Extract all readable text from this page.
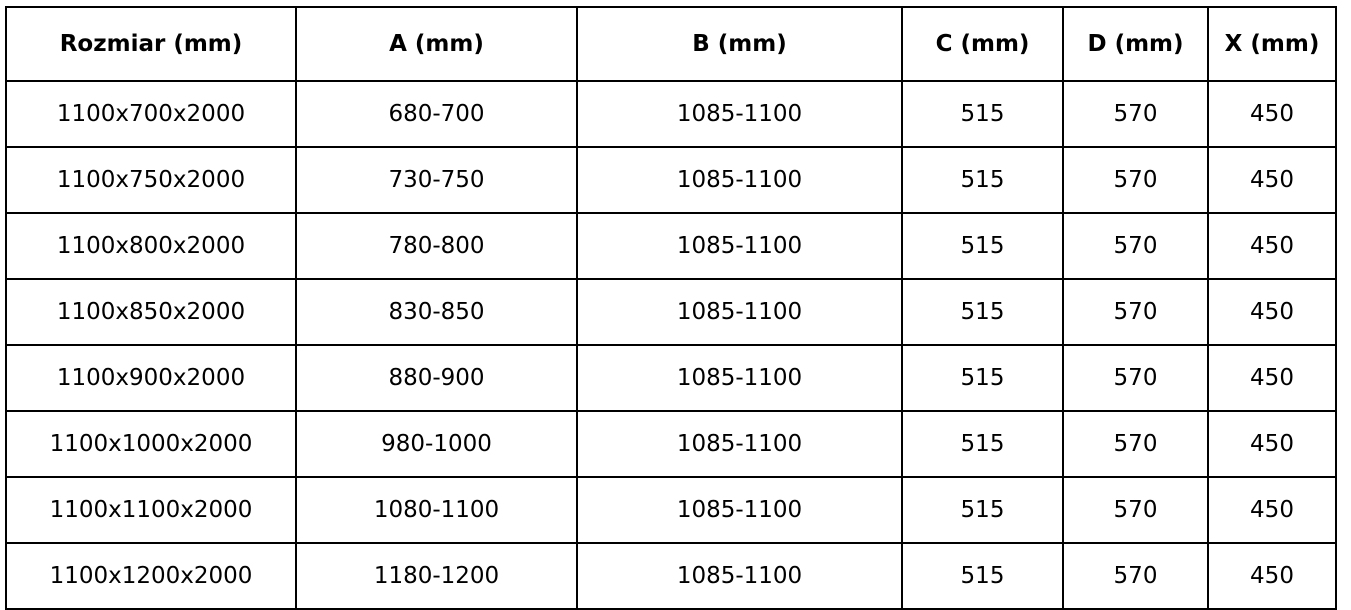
Rozmiar (mm)	A (mm)	B (mm)	C (mm)	D (mm)	X (mm)
1100x700x2000	680-700	1085-1100	515	570	450
1100x750x2000	730-750	1085-1100	515	570	450
1100x800x2000	780-800	1085-1100	515	570	450
1100x850x2000	830-850	1085-1100	515	570	450
1100x900x2000	880-900	1085-1100	515	570	450
1100x1000x2000	980-1000	1085-1100	515	570	450
1100x1100x2000	1080-1100	1085-1100	515	570	450
1100x1200x2000	1180-1200	1085-1100	515	570	450
